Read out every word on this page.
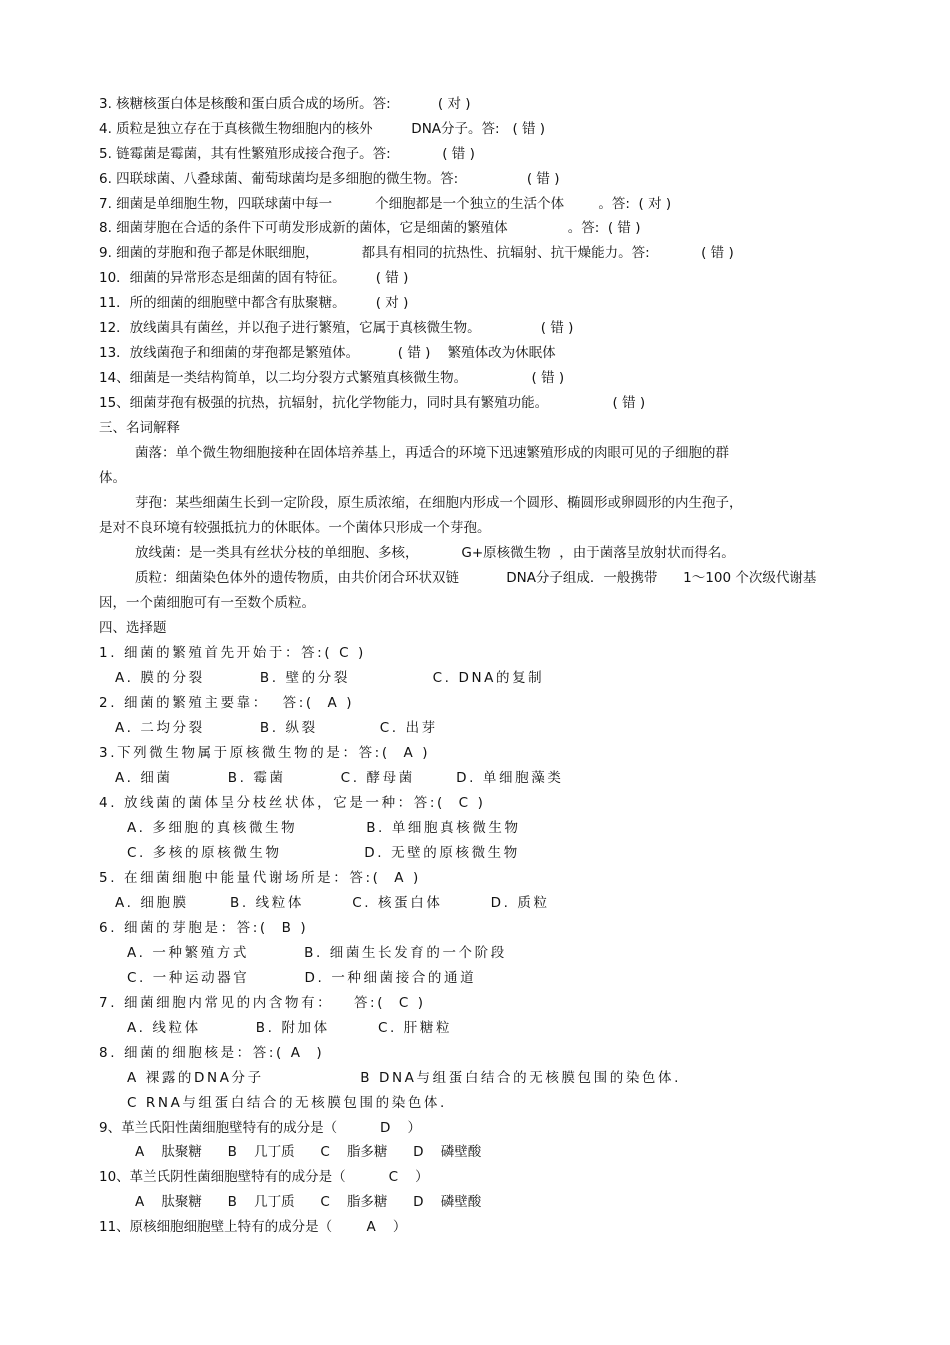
3. 核糖核蛋白体是核酸和蛋白质合成的场所。答:           ( 对 )
4. 质粒是独立存在于真核微生物细胞内的核外         DNA分子。答:   ( 错 )
5. 链霉菌是霉菌，其有性繁殖形成接合孢子。答:            ( 错 )
6. 四联球菌、八叠球菌、葡萄球菌均是多细胞的微生物。答:                ( 错 )
7. 细菌是单细胞生物，四联球菌中每一          个细胞都是一个独立的生活个体        。答:  ( 对 )
8. 细菌芽胞在合适的条件下可萌发形成新的菌体，它是细菌的繁殖体              。答:  ( 错 )
9. 细菌的芽胞和孢子都是休眠细胞，          都具有相同的抗热性、抗辐射、抗干燥能力。答:            ( 错 )
10．细菌的异常形态是细菌的固有特征。       ( 错 )
11．所的细菌的细胞壁中都含有肽聚糖。       ( 对 )
12．放线菌具有菌丝，并以孢子进行繁殖，它属于真核微生物。              ( 错 )
13．放线菌孢子和细菌的芽孢都是繁殖体。         ( 错 )    繁殖体改为休眠体
14、细菌是一类结构简单，以二均分裂方式繁殖真核微生物。               ( 错 )
15、细菌芽孢有极强的抗热，抗辐射，抗化学物能力，同时具有繁殖功能。               ( 错 )
三、名词解释
菌落：单个微生物细胞接种在固体培养基上，再适合的环境下迅速繁殖形成的肉眼可见的子细胞的群
体。
芽孢：某些细菌生长到一定阶段，原生质浓缩，在细胞内形成一个圆形、椭圆形或卵圆形的内生孢子，
是对不良环境有较强抵抗力的休眠体。一个菌体只形成一个芽孢。
放线菌：是一类具有丝状分枝的单细胞、多核，          G+原核微生物  ，由于菌落呈放射状而得名。
质粒：细菌染色体外的遗传物质，由共价闭合环状双链           DNA分子组成．一般携带      1～100 个次级代谢基
因，一个菌细胞可有一至数个质粒。
四、选择题
1. 细菌的繁殖首先开始于：答:( C )
A. 膜的分裂        B. 壁的分裂            C. DNA的复制
2. 细菌的繁殖主要靠：  答:(  A )
A. 二均分裂        B. 纵裂         C. 出芽
3.下列微生物属于原核微生物的是：答:(  A )
A. 细菌        B. 霉菌        C. 酵母菌      D. 单细胞藻类
4. 放线菌的菌体呈分枝丝状体，它是一种：答:(  C )
A. 多细胞的真核微生物          B. 单细胞真核微生物
C. 多核的原核微生物            D. 无壁的原核微生物
5. 在细菌细胞中能量代谢场所是：答:(  A )
A. 细胞膜      B. 线粒体       C. 核蛋白体       D. 质粒
6. 细菌的芽胞是：答:(  B )
A. 一种繁殖方式        B. 细菌生长发育的一个阶段
C. 一种运动器官        D. 一种细菌接合的通道
7. 细菌细胞内常见的内含物有：   答:(  C )
A. 线粒体        B. 附加体       C. 肝糖粒
8. 细菌的细胞核是：答:( A  )
A 裸露的DNA分子              B DNA与组蛋白结合的无核膜包围的染色体.
C RNA与组蛋白结合的无核膜包围的染色体.
9、革兰氏阳性菌细胞壁特有的成分是（          D    ）
A    肽聚糖      B    几丁质      C    脂多糖      D    磷壁酸
10、革兰氏阴性菌细胞壁特有的成分是（          C    ）
A    肽聚糖      B    几丁质      C    脂多糖      D    磷壁酸
11、原核细胞细胞壁上特有的成分是（        A    ）
